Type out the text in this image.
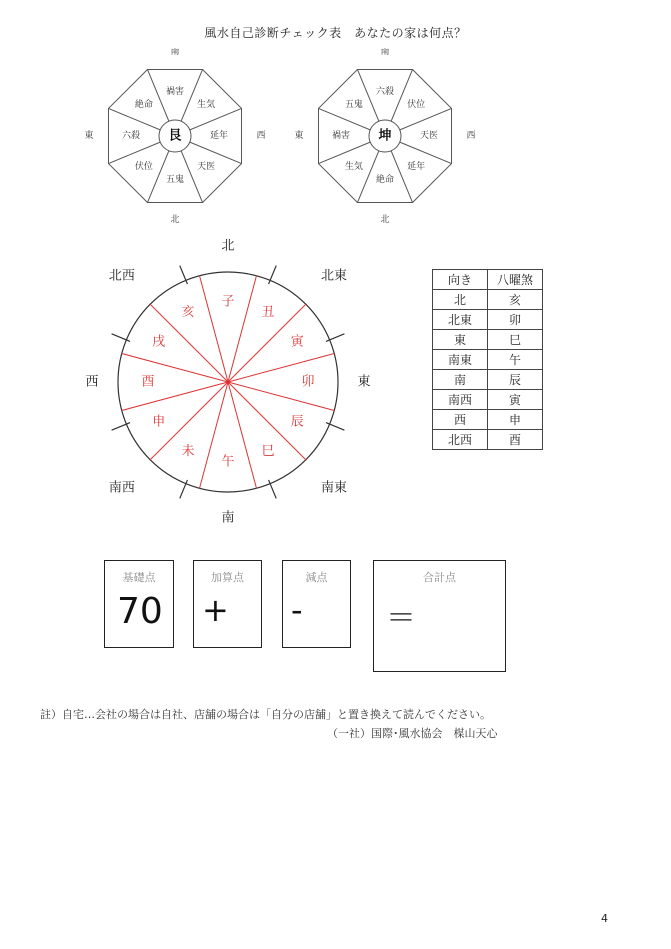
風水自己診断チェック表　あなたの家は何点？
艮
禍害
生気
延年
天医
五鬼
伏位
六殺
絶命
南
北
東	西	坤
六殺
伏位
天医
延年
絶命
生気
禍害
五鬼
南
北
東	西
子
丑
寅
卯
辰
巳
午
未
申
酉
戌
亥
北
北東
東
南東
南
南西
西
北西	向き	八曜煞
北	亥
北東	卯
東	巳
南東	午
南	辰
南西	寅
西	申
北西	酉
基礎点
70
加算点
+
減点
-
合計点
＝
註）自宅…会社の場合は自社、店舗の場合は「自分の店舗」と置き換えて読んでください。
（一社）国際･風水協会　楳山天心
4
